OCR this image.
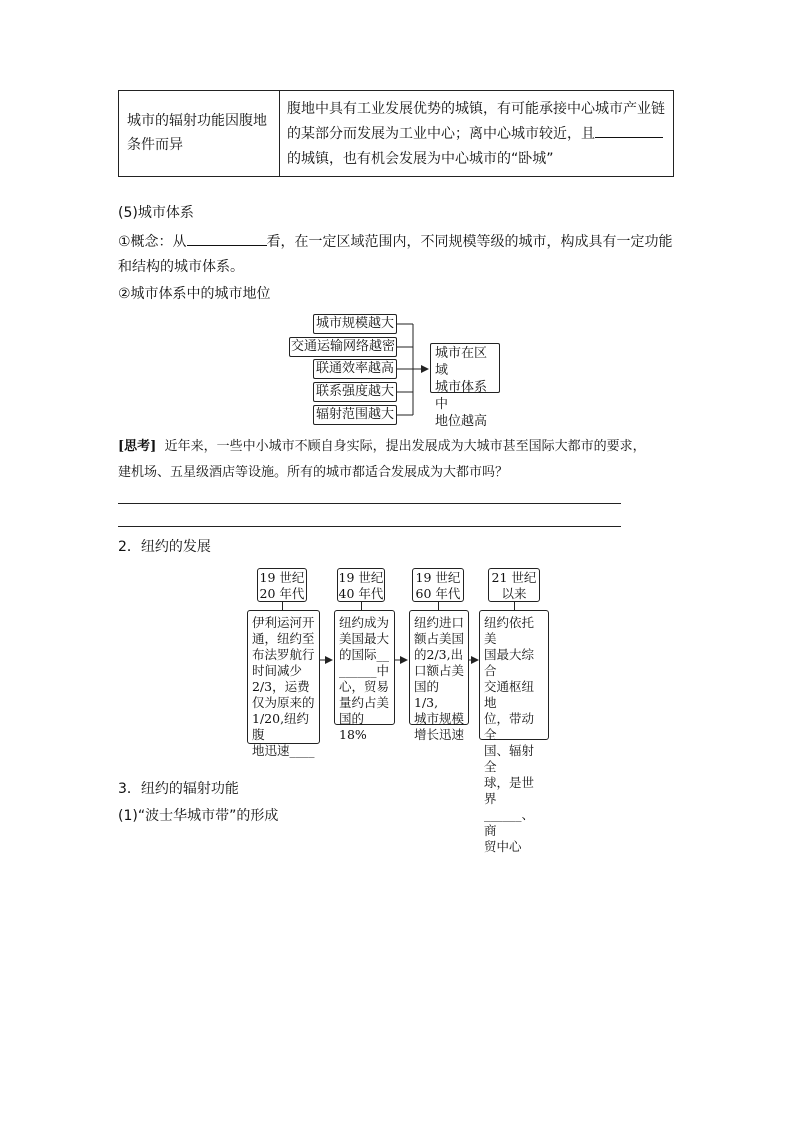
城市的辐射功能因腹地条件而异
腹地中具有工业发展优势的城镇，有可能承接中心城市产业链
的某部分而发展为工业中心；离中心城市较近，且
的城镇，也有机会发展为中心城市的“卧城”
(5)城市体系
①概念：从	看，在一定区域范围内，不同规模等级的城市，构成具有一定功能
和结构的城市体系。
②城市体系中的城市地位
城市规模越大
交通运输网络越密
联通效率越高
联系强度越大
辐射范围越大
城市在区域
城市体系中
地位越高
[思考] 近年来，一些中小城市不顾自身实际，提出发展成为大城市甚至国际大都市的要求，
建机场、五星级酒店等设施。所有的城市都适合发展成为大都市吗？
2．纽约的发展
19 世纪
20 年代
伊利运河开
通，纽约至
布法罗航行
时间减少
2/3，运费
仅为原来的
1/20,纽约腹
地迅速____
19 世纪
40 年代
纽约成为
美国最大
的国际__
______中
心，贸易
量约占美
国的 18%
19 世纪
60 年代
纽约进口
额占美国
的2/3,出
口额占美
国的 1/3,
城市规模
增长迅速
21 世纪
以来
纽约依托美
国最大综合
交通枢纽地
位，带动全
国、辐射全
球，是世界
______、商
贸中心
3．纽约的辐射功能
(1)“波士华城市带”的形成
